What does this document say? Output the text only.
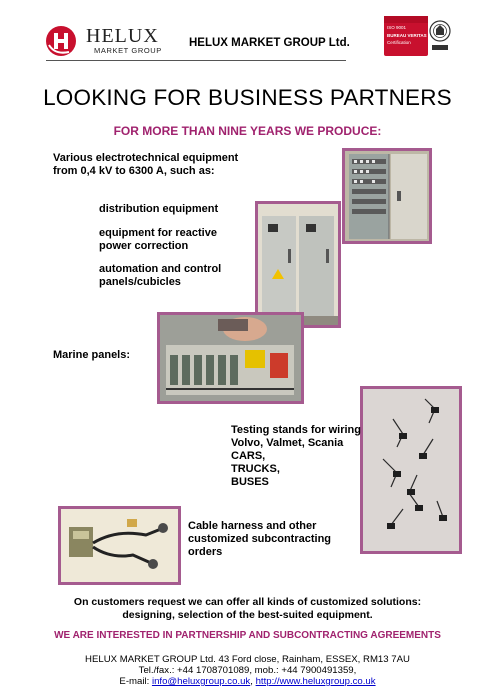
HELUX
MARKET GROUP
HELUX MARKET GROUP Ltd.
ISO 9001
BUREAU VERITAS
Certification
LOOKING FOR BUSINESS PARTNERS
FOR MORE THAN NINE YEARS WE PRODUCE:
Various electrotechnical equipment
from 0,4 kV to 6300 A, such as:
distribution equipment
equipment for reactive
power correction
automation and control
panels/cubicles
Marine panels:
Testing stands for wiring
Volvo, Valmet, Scania
CARS,
TRUCKS,
BUSES
Cable harness and other
customized subcontracting
orders
On customers request we can offer all kinds of customized solutions:
designing, selection of the best-suited equipment.
WE ARE INTERESTED IN PARTNERSHIP AND SUBCONTRACTING AGREEMENTS
HELUX MARKET GROUP Ltd. 43 Ford close, Rainham, ESSEX, RM13 7AU
Tel./fax.: +44 1708701089, mob.: +44 7900491359,
E-mail: info@heluxgroup.co.uk, http://www.heluxgroup.co.uk
